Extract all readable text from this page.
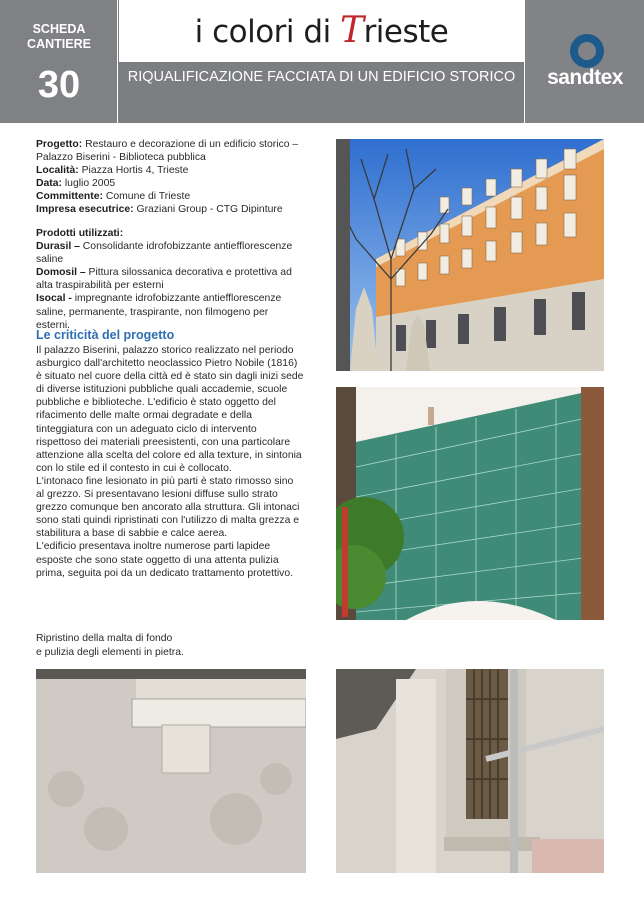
SCHEDA
CANTIERE
30
i colori di Trieste
RIQUALIFICAZIONE FACCIATA DI UN EDIFICIO STORICO	sandtex
Progetto: Restauro e decorazione di un edificio storico – Palazzo Biserini - Biblioteca pubblica
Località: Piazza Hortis 4, Trieste
Data: luglio 2005
Committente: Comune di Trieste
Impresa esecutrice: Graziani Group - CTG Dipinture
Prodotti utilizzati:
Durasil – Consolidante idrofobizzante antiefflorescenze saline
Domosil – Pittura silossanica decorativa e protettiva ad alta traspirabilità per esterni
Isocal - impregnante idrofobizzante antiefflorescenze saline, permanente, traspirante, non filmogeno per esterni.
Le criticità del progetto
Il palazzo Biserini, palazzo storico realizzato nel periodo asburgico dall'architetto neoclassico Pietro Nobile (1816) è situato nel cuore della città ed è stato sin dagli inizi sede di diverse istituzioni pubbliche quali accademie, scuole pubbliche e biblioteche. L'edificio è stato oggetto del rifacimento delle malte ormai degradate e della tinteggiatura con un adeguato ciclo di intervento rispettoso dei materiali preesistenti, con una particolare attenzione alla scelta del colore ed alla texture, in sintonia con lo stile ed il contesto in cui è collocato.
L'intonaco fine lesionato in più parti è stato rimosso sino al grezzo. Si presentavano lesioni diffuse sullo strato grezzo comunque ben ancorato alla struttura. Gli intonaci sono stati quindi ripristinati con l'utilizzo di malta grezza e stabilitura a base di sabbie e calce aerea.
L'edificio presentava inoltre numerose parti lapidee esposte che sono state oggetto di una attenta pulizia prima, seguita poi da un dedicato trattamento protettivo.
Ripristino della malta di fondo
e pulizia degli elementi in pietra.
